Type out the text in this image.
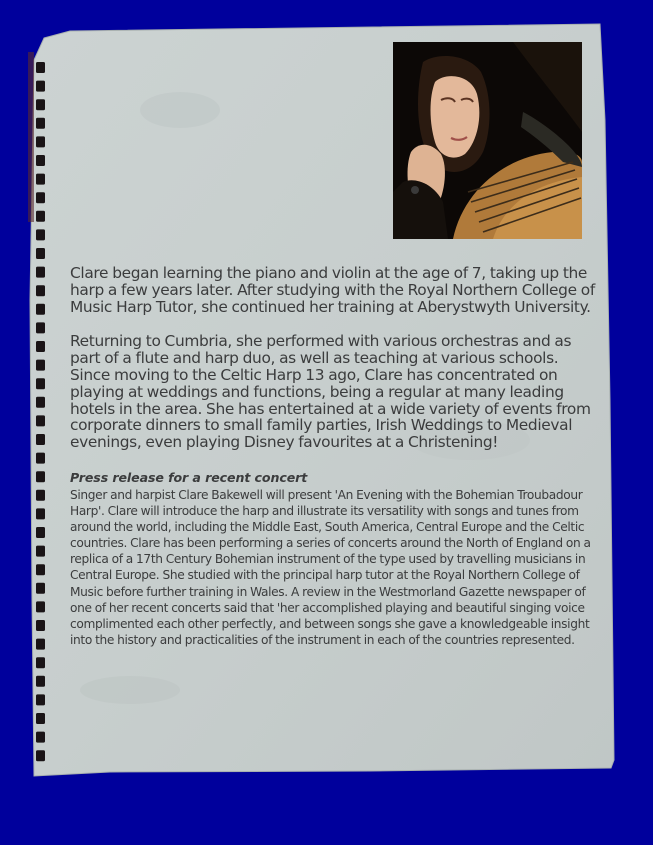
Clare began learning the piano and violin at the age of 7, taking up the harp a few years later. After studying with the Royal Northern College of Music Harp Tutor, she continued her training at Aberystwyth University.

Returning to Cumbria, she performed with various orchestras and as part of a flute and harp duo, as well as teaching at various schools. Since moving to the Celtic Harp 13 ago, Clare has concentrated on playing at weddings and functions, being a regular at many leading hotels in the area. She has entertained at a wide variety of events from corporate dinners to small family parties, Irish Weddings to Medieval evenings, even playing Disney favourites at a Christening!

Press release for a recent concert

Singer and harpist Clare Bakewell will present 'An Evening with the Bohemian Troubadour Harp'. Clare will introduce the harp and illustrate its versatility with songs and tunes from around the world, including the Middle East, South America, Central Europe and the Celtic countries. Clare has been performing a series of concerts around the North of England on a replica of a 17th Century Bohemian instrument of the type used by travelling musicians in Central Europe. She studied with the principal harp tutor at the Royal Northern College of Music before further training in Wales. A review in the Westmorland Gazette newspaper of one of her recent concerts said that 'her accomplished playing and beautiful singing voice complimented each other perfectly, and between songs she gave a knowledgeable insight into the history and practicalities of the instrument in each of the countries represented.
